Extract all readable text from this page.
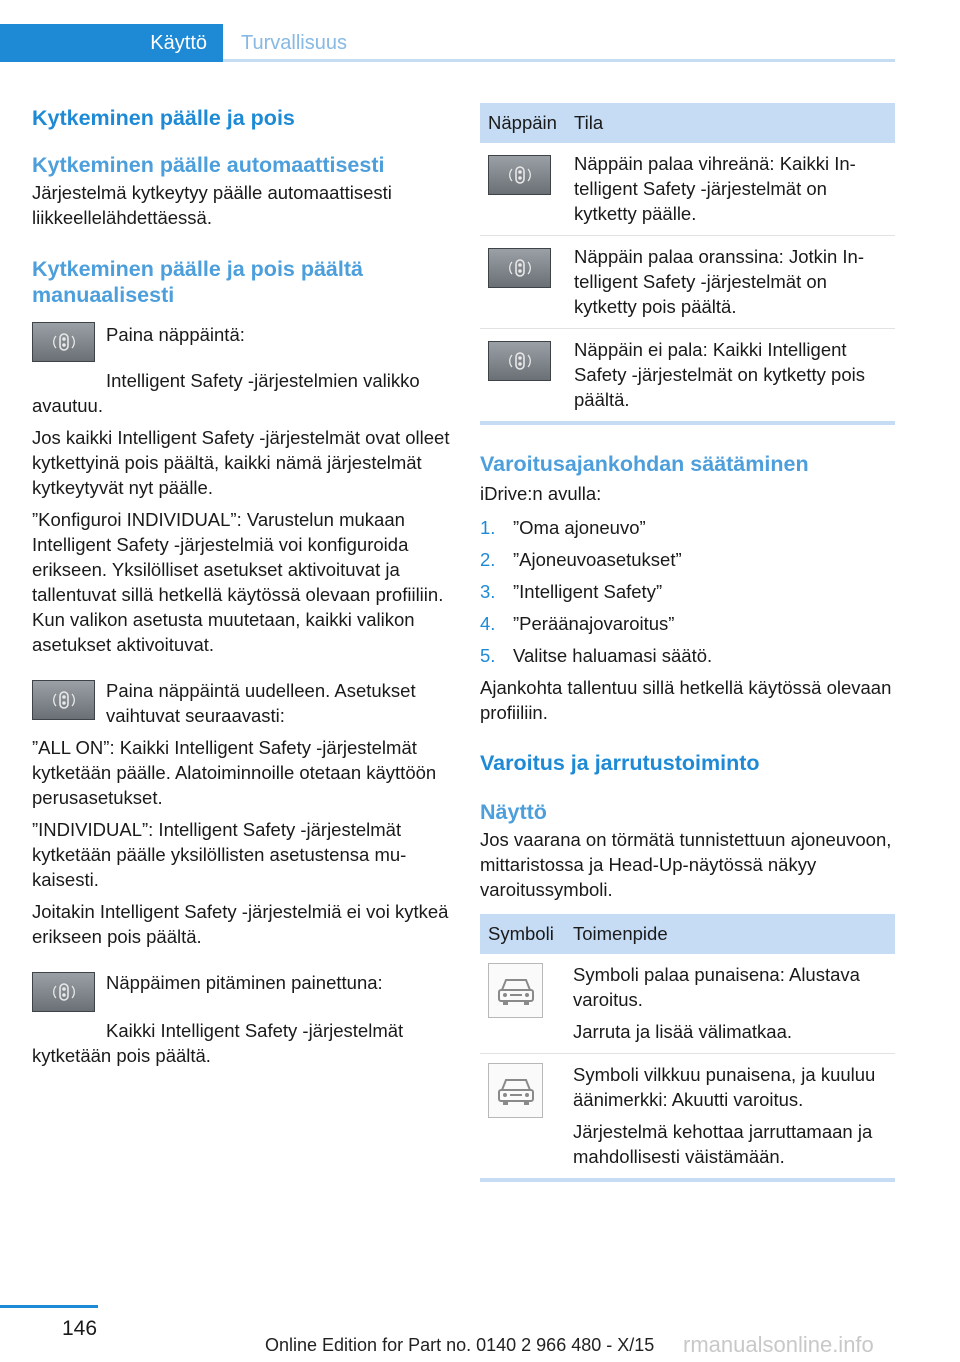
Käyttö	Turvallisuus
Kytkeminen päälle ja pois
Kytkeminen päälle automaattisesti
Järjestelmä kytkeytyy päälle automaattisesti liikkeellelähdettäessä.
Kytkeminen päälle ja pois päältä manuaalisesti
Paina näppäintä:
Intelligent Safety -järjestelmien valikko avautuu.
Jos kaikki Intelligent Safety -järjestelmät ovat olleet kytkettyinä pois päältä, kaikki nämä järjestelmät kytkeytyvät nyt päälle.
”Konfiguroi INDIVIDUAL”: Varustelun mukaan Intelligent Safety -järjestelmiä voi konfiguroida erikseen. Yksilölliset asetukset aktivoituvat ja tallentuvat sillä hetkellä käytössä olevaan profiiliin. Kun valikon asetusta muutetaan, kaikki valikon asetukset aktivoituvat.
Paina näppäintä uudelleen. Asetukset vaihtuvat seuraavasti:
”ALL ON”: Kaikki Intelligent Safety -järjestelmät kytketään päälle. Alatoiminnoille otetaan käyttöön perusasetukset.
”INDIVIDUAL”: Intelligent Safety -järjestelmät kytketään päälle yksilöllisten asetustensa mukaisesti.
Joitakin Intelligent Safety -järjestelmiä ei voi kytkeä erikseen pois päältä.
Näppäimen pitäminen painettuna:
Kaikki Intelligent Safety -järjestelmät kytketään pois päältä.
Näppäin	Tila

	Näppäin palaa vihreänä: Kaikki Intelligent Safety -järjestelmät on kytketty päälle.

	Näppäin palaa oranssina: Jotkin Intelligent Safety -järjestelmät on kytketty pois päältä.

	Näppäin ei pala: Kaikki Intelligent Safety -järjestelmät on kytketty pois päältä.
Varoitusajankohdan säätäminen
iDrive:n avulla:
1. ”Oma ajoneuvo”
2. ”Ajoneuvoasetukset”
3. ”Intelligent Safety”
4. ”Peräänajovaroitus”
5. Valitse haluamasi säätö.
Ajankohta tallentuu sillä hetkellä käytössä olevaan profiiliin.
Varoitus ja jarrutustoiminto
Näyttö
Jos vaarana on törmätä tunnistettuun ajoneuvoon, mittaristossa ja Head-Up-näytössä näkyy varoitussymboli.
Symboli	Toimenpide

Symboli palaa punaisena: Alustava varoitus.
Jarruta ja lisää välimatkaa.

Symboli vilkkuu punaisena, ja kuuluu äänimerkki: Akuutti varoitus.
Järjestelmä kehottaa jarruttamaan ja mahdollisesti väistämään.
146
Online Edition for Part no. 0140 2 966 480 - X/15 rmanualsonline.info
